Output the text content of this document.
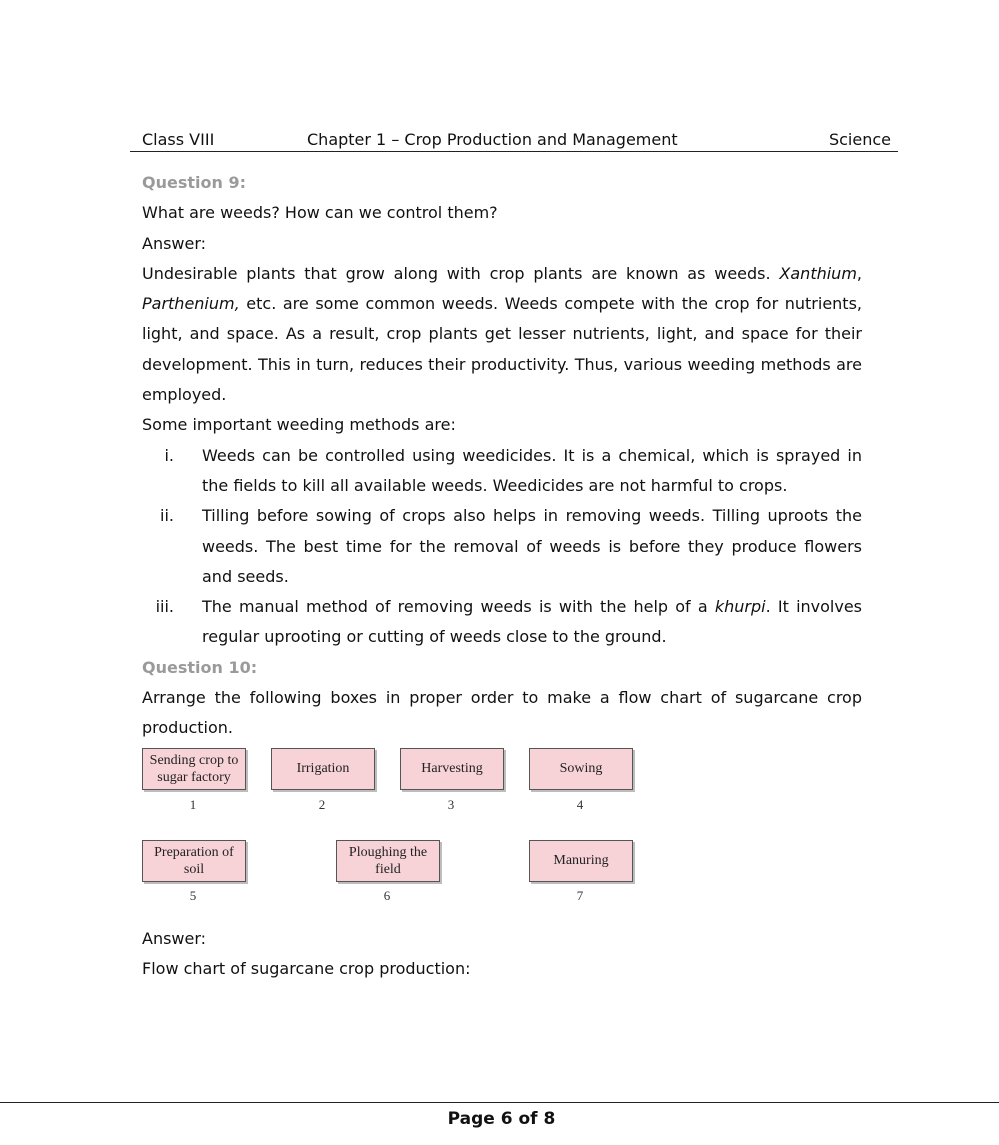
Class VIII	Chapter 1 – Crop Production and Management	Science

Question 9:

What are weeds? How can we control them?

Answer:

Undesirable plants that grow along with crop plants are known as weeds. Xanthium, Parthenium, etc. are some common weeds. Weeds compete with the crop for nutrients, light, and space. As a result, crop plants get lesser nutrients, light, and space for their development. This in turn, reduces their productivity. Thus, various weeding methods are employed.

Some important weeding methods are:

i. Weeds can be controlled using weedicides. It is a chemical, which is sprayed in the fields to kill all available weeds. Weedicides are not harmful to crops.
ii. Tilling before sowing of crops also helps in removing weeds. Tilling uproots the weeds. The best time for the removal of weeds is before they produce flowers and seeds.
iii. The manual method of removing weeds is with the help of a khurpi. It involves regular uprooting or cutting of weeds close to the ground.

Question 10:

Arrange the following boxes in proper order to make a flow chart of sugarcane crop production.

Sending crop to
sugar factory
1
Irrigation
2
Harvesting
3
Sowing
4
Preparation of
soil
5
Ploughing the
field
6
Manuring
7

Answer:

Flow chart of sugarcane crop production:

Page 6 of 8
